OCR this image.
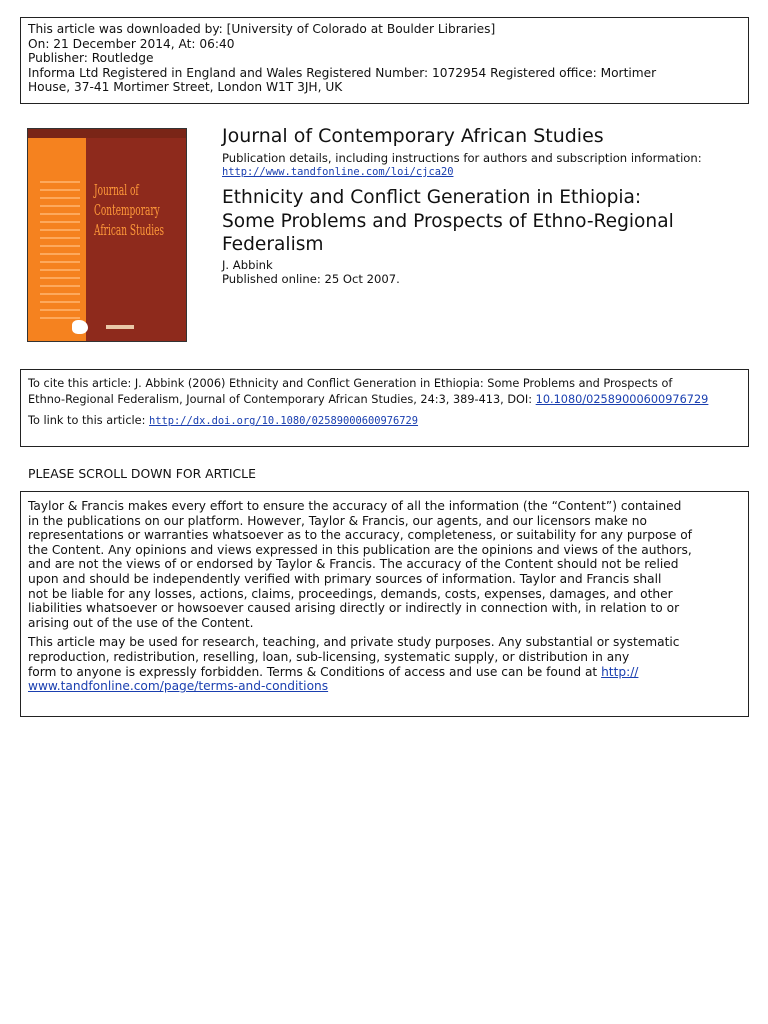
This article was downloaded by: [University of Colorado at Boulder Libraries]
On: 21 December 2014, At: 06:40
Publisher: Routledge
Informa Ltd Registered in England and Wales Registered Number: 1072954 Registered office: Mortimer
House, 37-41 Mortimer Street, London W1T 3JH, UK
Journal of
Contemporary
African Studies
Journal of Contemporary African Studies
Publication details, including instructions for authors and subscription information:
http://www.tandfonline.com/loi/cjca20
Ethnicity and Conflict Generation in Ethiopia:
Some Problems and Prospects of Ethno-Regional
Federalism
J. Abbink
Published online: 25 Oct 2007.
To cite this article: J. Abbink (2006) Ethnicity and Conflict Generation in Ethiopia: Some Problems and Prospects of
Ethno-Regional Federalism, Journal of Contemporary African Studies, 24:3, 389-413, DOI: 10.1080/02589000600976729
To link to this article: http://dx.doi.org/10.1080/02589000600976729
PLEASE SCROLL DOWN FOR ARTICLE
Taylor & Francis makes every effort to ensure the accuracy of all the information (the “Content”) contained
in the publications on our platform. However, Taylor & Francis, our agents, and our licensors make no
representations or warranties whatsoever as to the accuracy, completeness, or suitability for any purpose of
the Content. Any opinions and views expressed in this publication are the opinions and views of the authors,
and are not the views of or endorsed by Taylor & Francis. The accuracy of the Content should not be relied
upon and should be independently verified with primary sources of information. Taylor and Francis shall
not be liable for any losses, actions, claims, proceedings, demands, costs, expenses, damages, and other
liabilities whatsoever or howsoever caused arising directly or indirectly in connection with, in relation to or
arising out of the use of the Content.
This article may be used for research, teaching, and private study purposes. Any substantial or systematic
reproduction, redistribution, reselling, loan, sub-licensing, systematic supply, or distribution in any
form to anyone is expressly forbidden. Terms & Conditions of access and use can be found at http://
www.tandfonline.com/page/terms-and-conditions
